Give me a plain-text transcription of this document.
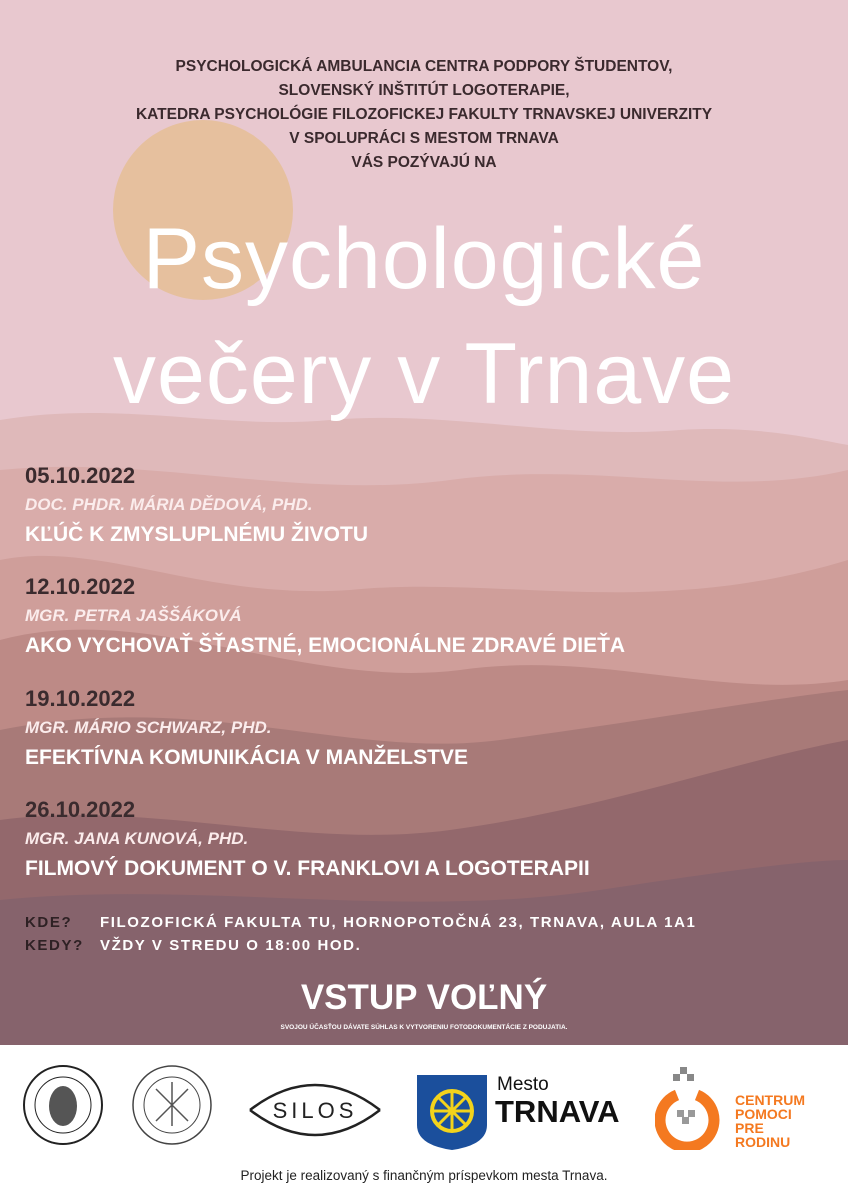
PSYCHOLOGICKÁ AMBULANCIA CENTRA PODPORY ŠTUDENTOV,
SLOVENSKÝ INŠTITÚT LOGOTERAPIE,
KATEDRA PSYCHOLÓGIE FILOZOFICKEJ FAKULTY TRNAVSKEJ UNIVERZITY
V SPOLUPRÁCI S MESTOM TRNAVA
VÁS POZÝVAJÚ NA
Psychologické
večery v Trnave
05.10.2022
DOC. PHDR. MÁRIA DĚDOVÁ, PHD.
KĽÚČ K ZMYSLUPLNÉMU ŽIVOTU
12.10.2022
MGR. PETRA JAŠŠÁKOVÁ
AKO VYCHOVAŤ ŠŤASTNÉ, EMOCIONÁLNE ZDRAVÉ DIEŤA
19.10.2022
MGR. MÁRIO SCHWARZ, PHD.
EFEKTÍVNA KOMUNIKÁCIA V MANŽELSTVE
26.10.2022
MGR. JANA KUNOVÁ, PHD.
FILMOVÝ DOKUMENT O V. FRANKLOVI A LOGOTERAPII
KDE? FILOZOFICKÁ FAKULTA TU, HORNOPOTOČNÁ 23, TRNAVA, AULA 1A1
KEDY? VŽDY V STREDU O 18:00 HOD.
VSTUP VOĽNÝ
SVOJOU ÚČASŤOU DÁVATE SÚHLAS K VYTVORENIU FOTODOKUMENTÁCIE Z PODUJATIA.
SILOS
Mesto
TRNAVA	CENTRUM
POMOCI
PRE
RODINU
Projekt je realizovaný s finančným príspevkom mesta Trnava.
